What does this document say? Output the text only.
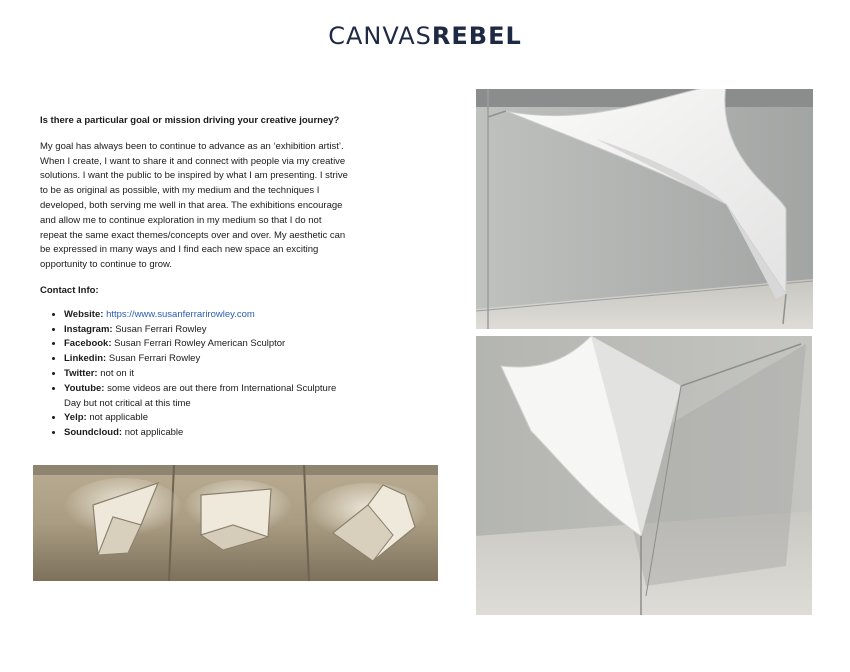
CANVASREBEL

Is there a particular goal or mission driving your creative journey?

My goal has always been to continue to advance as an ‘exhibition artist’. When I create, I want to share it and connect with people via my creative solutions. I want the public to be inspired by what I am presenting. I strive to be as original as possible, with my medium and the techniques I developed, both serving me well in that area. The exhibitions encourage and allow me to continue exploration in my medium so that I do not repeat the same exact themes/concepts over and over. My aesthetic can be expressed in many ways and I find each new space an exciting opportunity to continue to grow.

Contact Info:

• Website: https://www.susanferrarirowley.com
• Instagram: Susan Ferrari Rowley
• Facebook: Susan Ferrari Rowley American Sculptor
• Linkedin: Susan Ferrari Rowley
• Twitter: not on it
• Youtube: some videos are out there from International Sculpture Day but not critical at this time
• Yelp: not applicable
• Soundcloud: not applicable
